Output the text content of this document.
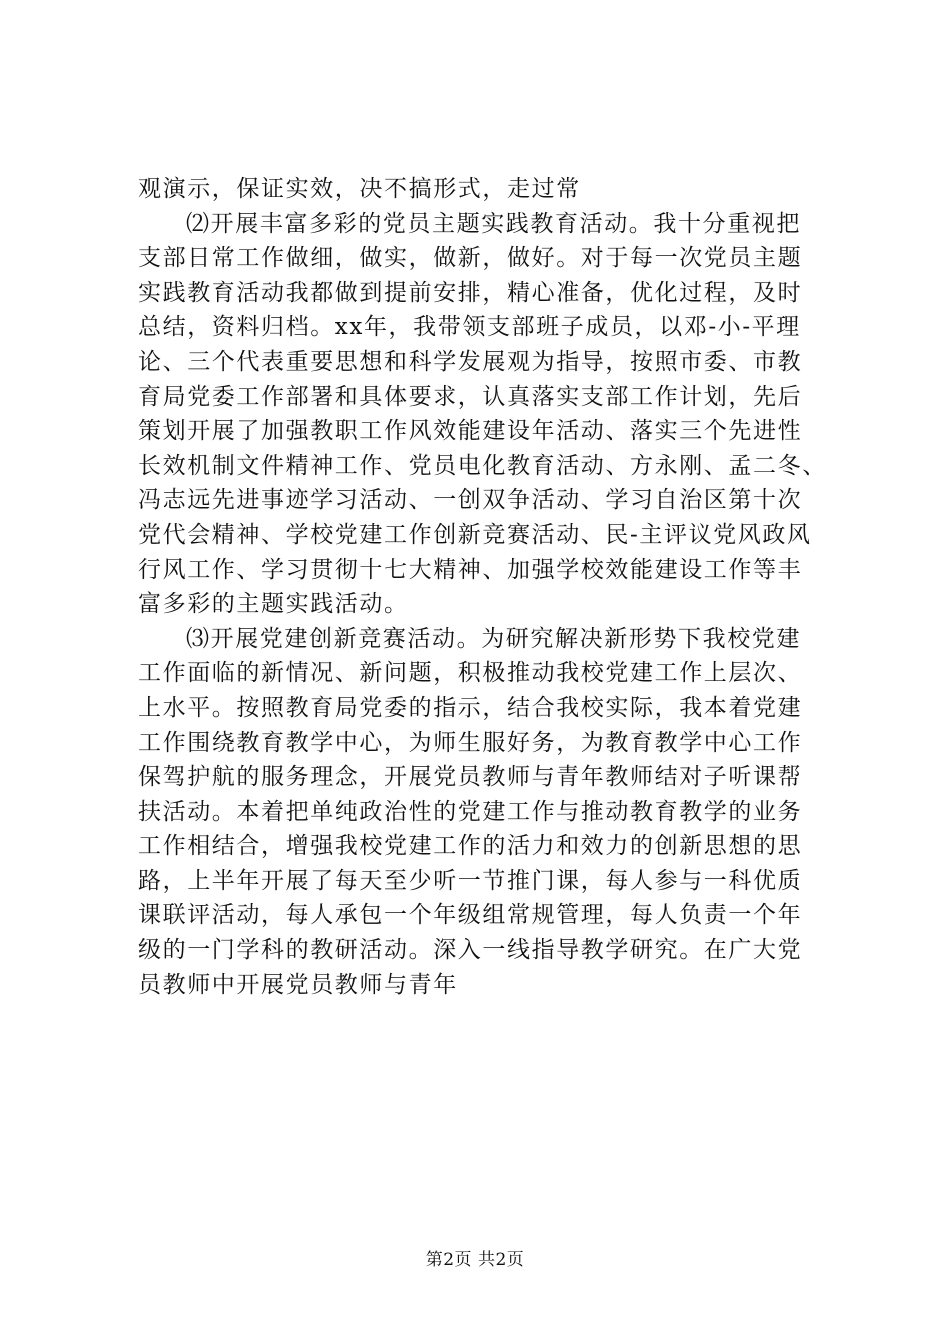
观演示，保证实效，决不搞形式，走过常
⑵开展丰富多彩的党员主题实践教育活动。我十分重视把
支部日常工作做细，做实，做新，做好。对于每一次党员主题
实践教育活动我都做到提前安排，精心准备，优化过程，及时
总结，资料归档。xx年，我带领支部班子成员，以邓-小-平理
论、三个代表重要思想和科学发展观为指导，按照市委、市教
育局党委工作部署和具体要求，认真落实支部工作计划，先后
策划开展了加强教职工作风效能建设年活动、落实三个先进性
长效机制文件精神工作、党员电化教育活动、方永刚、孟二冬、
冯志远先进事迹学习活动、一创双争活动、学习自治区第十次
党代会精神、学校党建工作创新竞赛活动、民-主评议党风政风
行风工作、学习贯彻十七大精神、加强学校效能建设工作等丰
富多彩的主题实践活动。
⑶开展党建创新竞赛活动。为研究解决新形势下我校党建
工作面临的新情况、新问题，积极推动我校党建工作上层次、
上水平。按照教育局党委的指示，结合我校实际，我本着党建
工作围绕教育教学中心，为师生服好务，为教育教学中心工作
保驾护航的服务理念，开展党员教师与青年教师结对子听课帮
扶活动。本着把单纯政治性的党建工作与推动教育教学的业务
工作相结合，增强我校党建工作的活力和效力的创新思想的思
路，上半年开展了每天至少听一节推门课，每人参与一科优质
课联评活动，每人承包一个年级组常规管理，每人负责一个年
级的一门学科的教研活动。深入一线指导教学研究。在广大党
员教师中开展党员教师与青年
第2页 共2页
